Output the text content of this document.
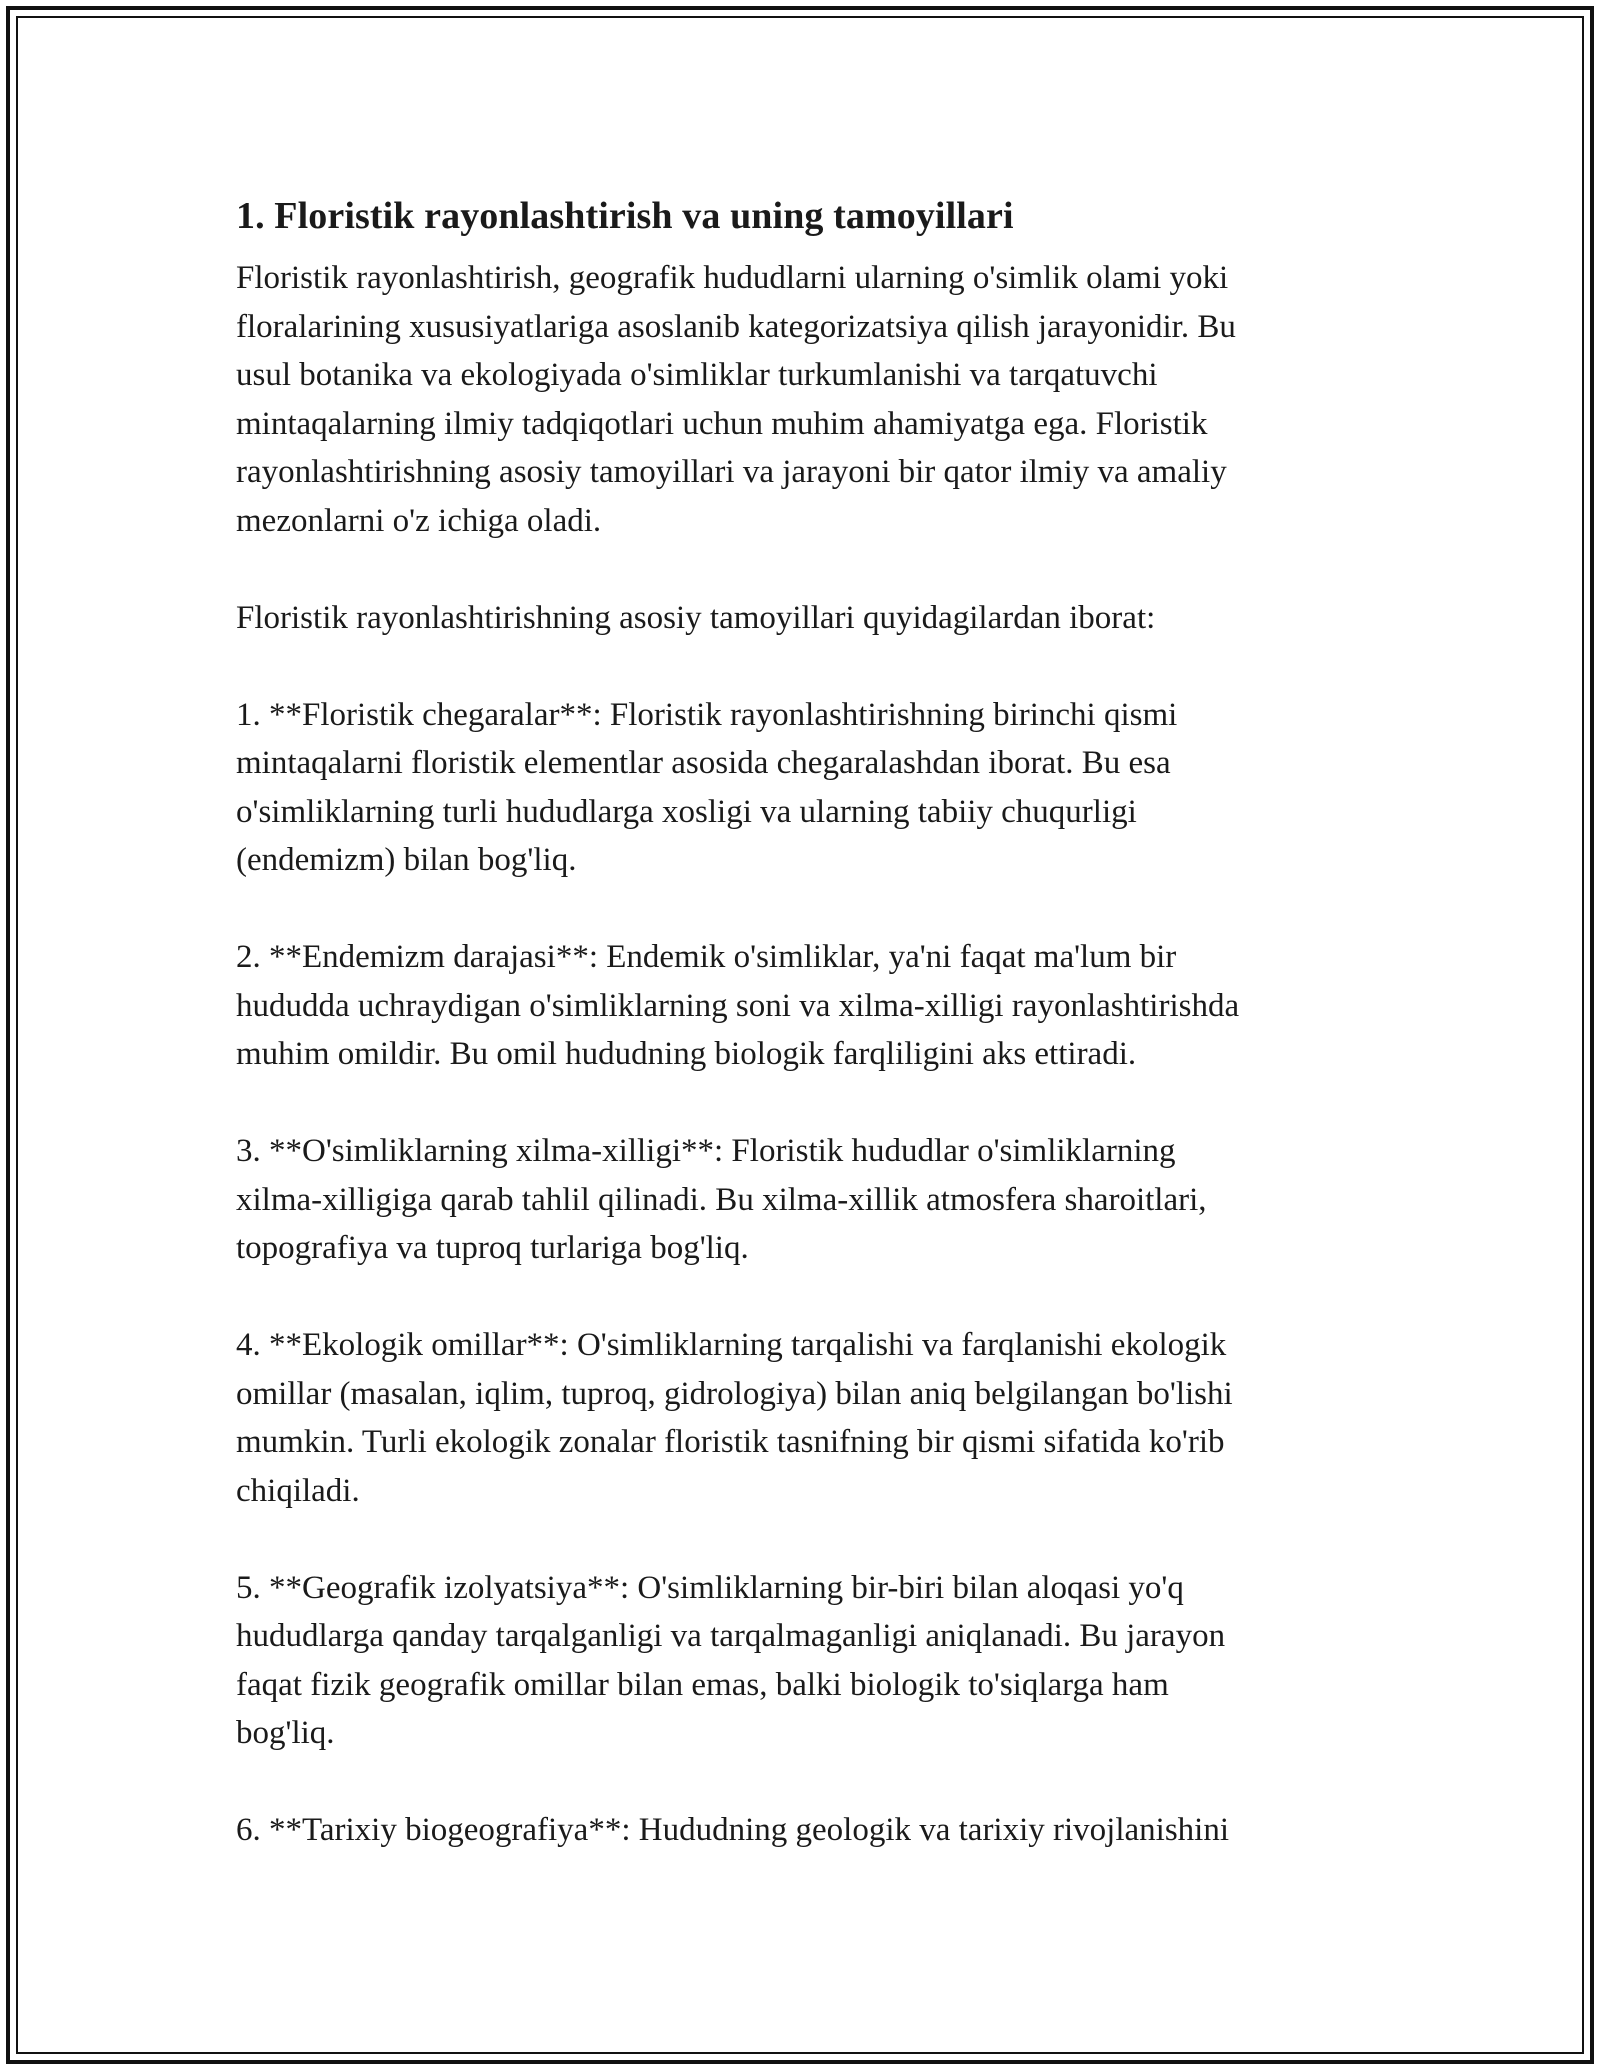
1. Floristik rayonlashtirish va uning tamoyillari

Floristik rayonlashtirish, geografik hududlarni ularning o'simlik olami yoki
floralarining xususiyatlariga asoslanib kategorizatsiya qilish jarayonidir. Bu
usul botanika va ekologiyada o'simliklar turkumlanishi va tarqatuvchi
mintaqalarning ilmiy tadqiqotlari uchun muhim ahamiyatga ega. Floristik
rayonlashtirishning asosiy tamoyillari va jarayoni bir qator ilmiy va amaliy
mezonlarni o'z ichiga oladi.

Floristik rayonlashtirishning asosiy tamoyillari quyidagilardan iborat:

1. **Floristik chegaralar**: Floristik rayonlashtirishning birinchi qismi
mintaqalarni floristik elementlar asosida chegaralashdan iborat. Bu esa
o'simliklarning turli hududlarga xosligi va ularning tabiiy chuqurligi
(endemizm) bilan bog'liq.

2. **Endemizm darajasi**: Endemik o'simliklar, ya'ni faqat ma'lum bir
hududda uchraydigan o'simliklarning soni va xilma-xilligi rayonlashtirishda
muhim omildir. Bu omil hududning biologik farqliligini aks ettiradi.

3. **O'simliklarning xilma-xilligi**: Floristik hududlar o'simliklarning
xilma-xilligiga qarab tahlil qilinadi. Bu xilma-xillik atmosfera sharoitlari,
topografiya va tuproq turlariga bog'liq.

4. **Ekologik omillar**: O'simliklarning tarqalishi va farqlanishi ekologik
omillar (masalan, iqlim, tuproq, gidrologiya) bilan aniq belgilangan bo'lishi
mumkin. Turli ekologik zonalar floristik tasnifning bir qismi sifatida ko'rib
chiqiladi.

5. **Geografik izolyatsiya**: O'simliklarning bir-biri bilan aloqasi yo'q
hududlarga qanday tarqalganligi va tarqalmaganligi aniqlanadi. Bu jarayon
faqat fizik geografik omillar bilan emas, balki biologik to'siqlarga ham
bog'liq.

6. **Tarixiy biogeografiya**: Hududning geologik va tarixiy rivojlanishini
